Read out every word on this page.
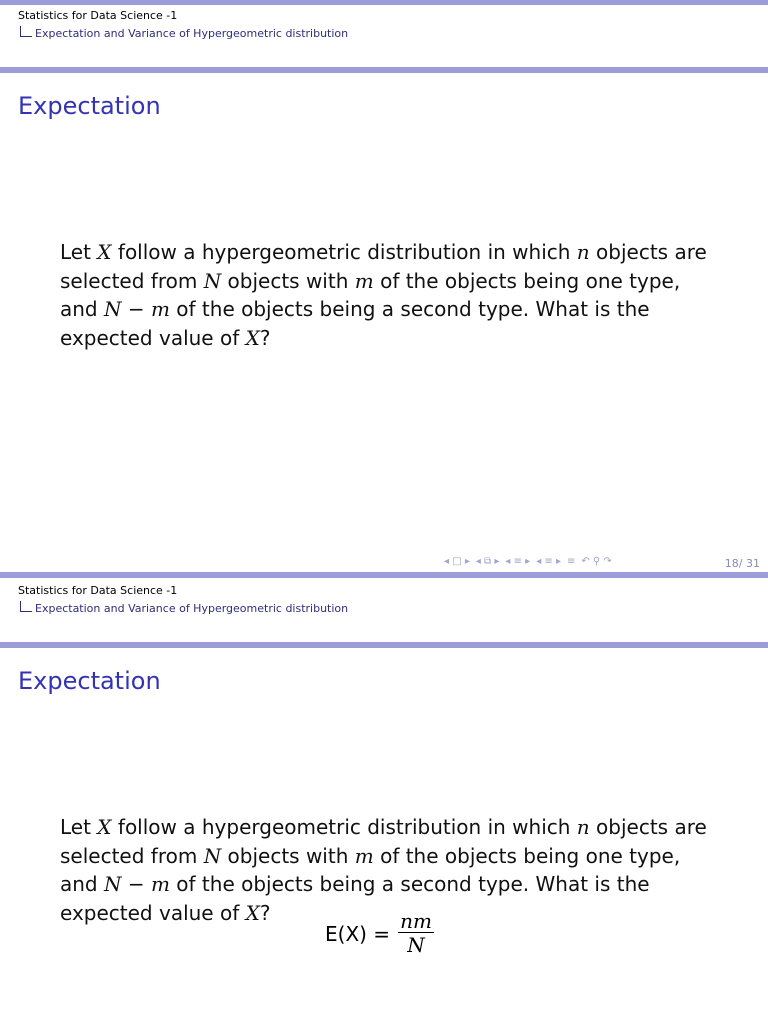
Statistics for Data Science -1
Expectation and Variance of Hypergeometric distribution
Expectation
Let X follow a hypergeometric distribution in which n objects are selected from N objects with m of the objects being one type, and N − m of the objects being a second type. What is the expected value of X?
◂ □ ▸ ◂ ⧉ ▸ ◂ ≡ ▸ ◂ ≡ ▸ ≡ ↶ ⚲ ↷	18/ 31
Statistics for Data Science -1
Expectation and Variance of Hypergeometric distribution
Expectation
Let X follow a hypergeometric distribution in which n objects are selected from N objects with m of the objects being one type, and N − m of the objects being a second type. What is the expected value of X?
$E(X) = \frac{nm}{N}$
